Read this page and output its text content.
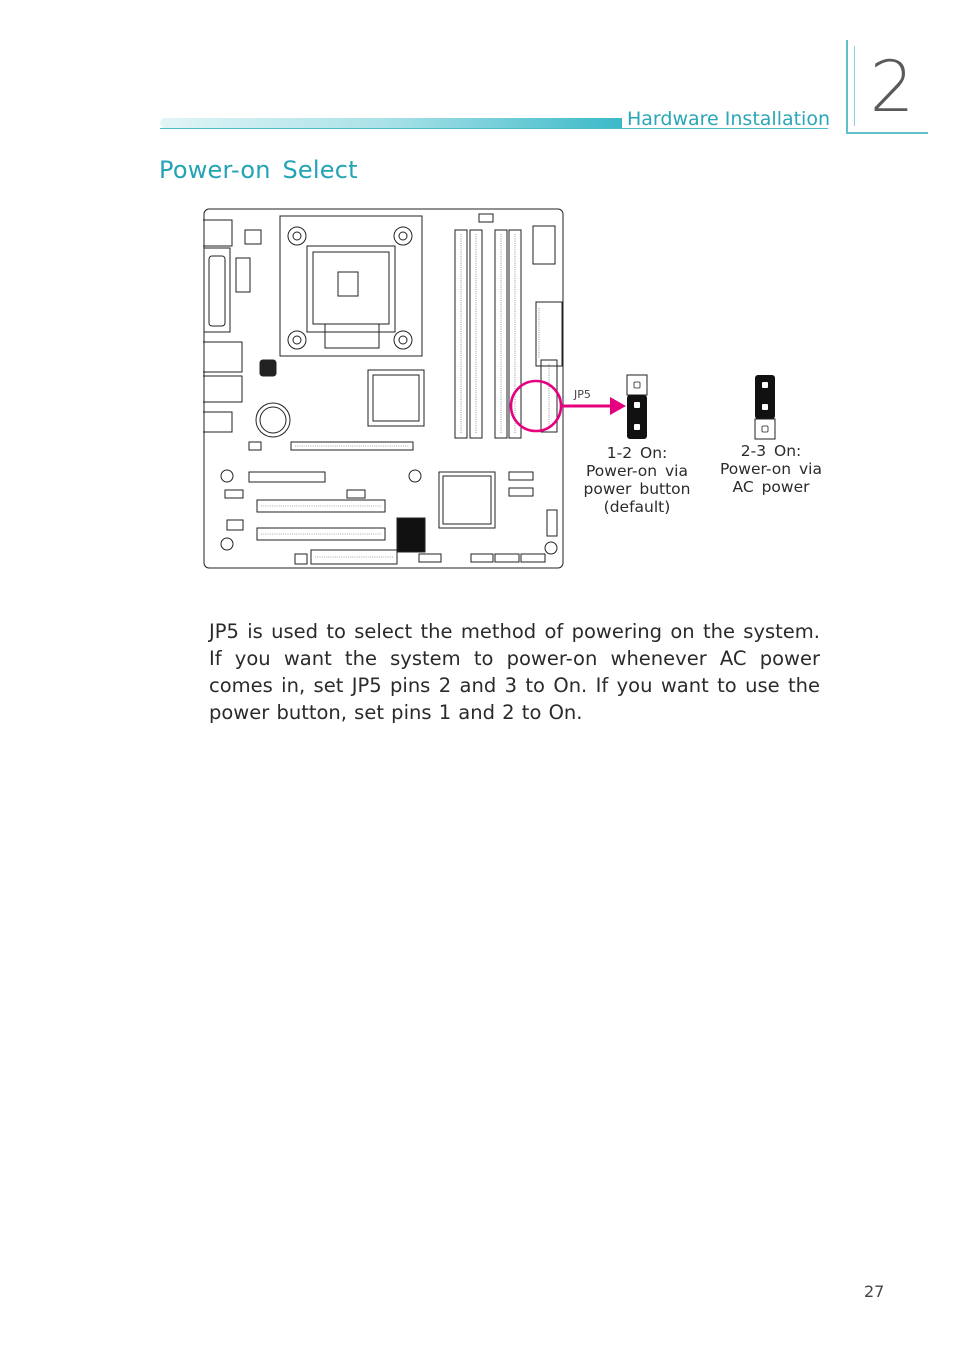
2
Hardware Installation
Power-on Select
JP5
1-2 On:
Power-on via
power button
(default)
2-3 On:
Power-on via
AC power

JP5 is used to select the method of powering on the system. If you want the system to power-on whenever AC power comes in, set JP5 pins 2 and 3 to On. If you want to use the power button, set pins 1 and 2 to On.

27
